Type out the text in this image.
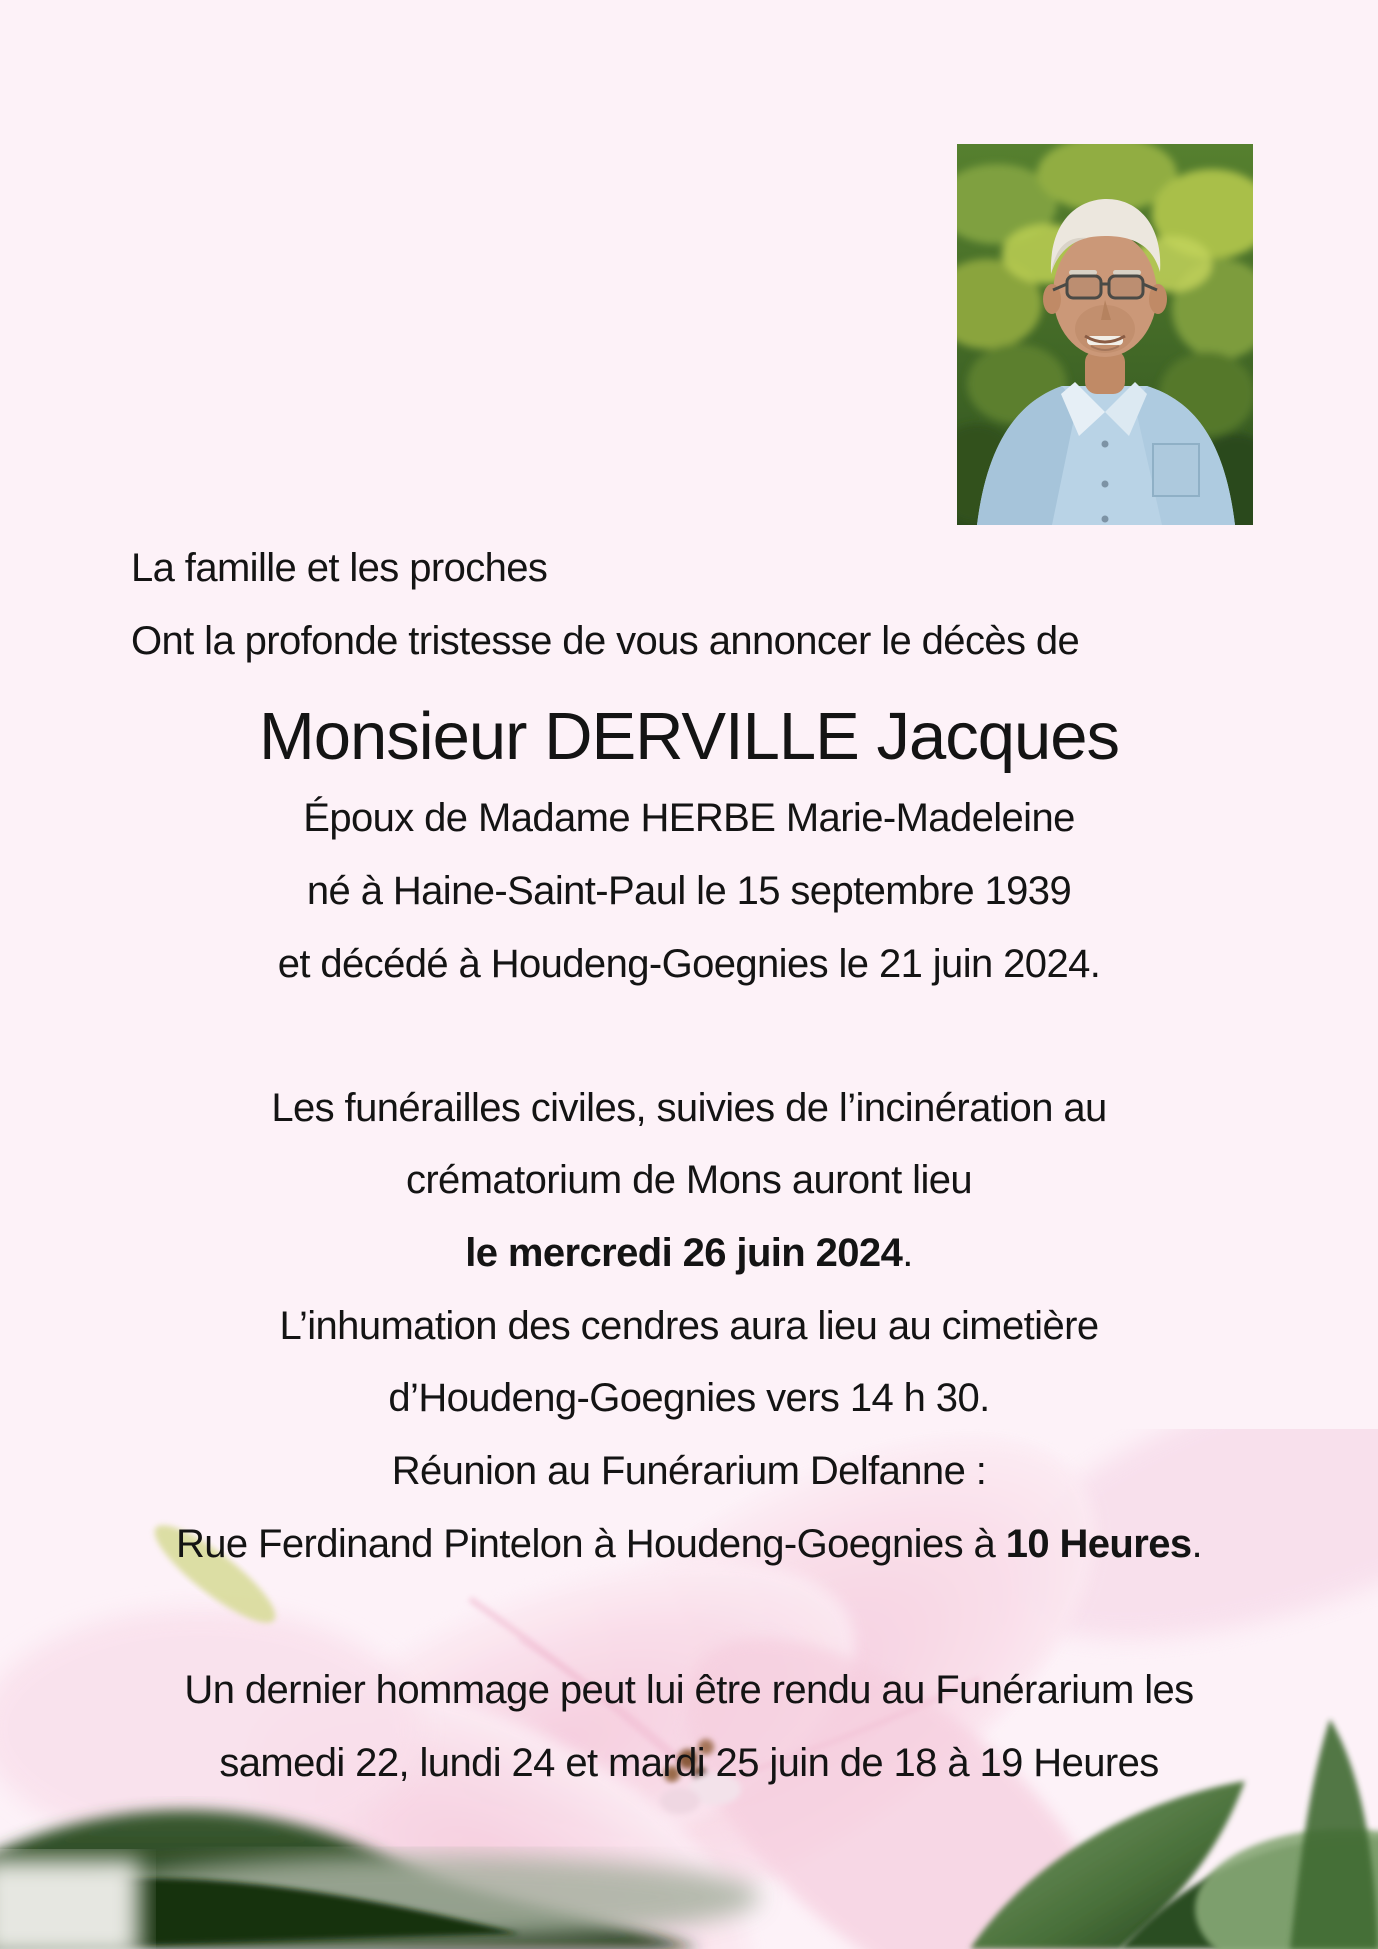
La famille et les proches
Ont la profonde tristesse de vous annoncer le décès de
Monsieur DERVILLE Jacques
Époux de Madame HERBE Marie-Madeleine
né à Haine-Saint-Paul le 15 septembre 1939
et décédé à Houdeng-Goegnies le 21 juin 2024.
Les funérailles civiles, suivies de l’incinération au
crématorium de Mons auront lieu
le mercredi 26 juin 2024.
L’inhumation des cendres aura lieu au cimetière
d’Houdeng-Goegnies vers 14 h 30.
Réunion au Funérarium Delfanne :
Rue Ferdinand Pintelon à Houdeng-Goegnies à 10 Heures.
Un dernier hommage peut lui être rendu au Funérarium les
samedi 22, lundi 24 et mardi 25 juin de 18 à 19 Heures
